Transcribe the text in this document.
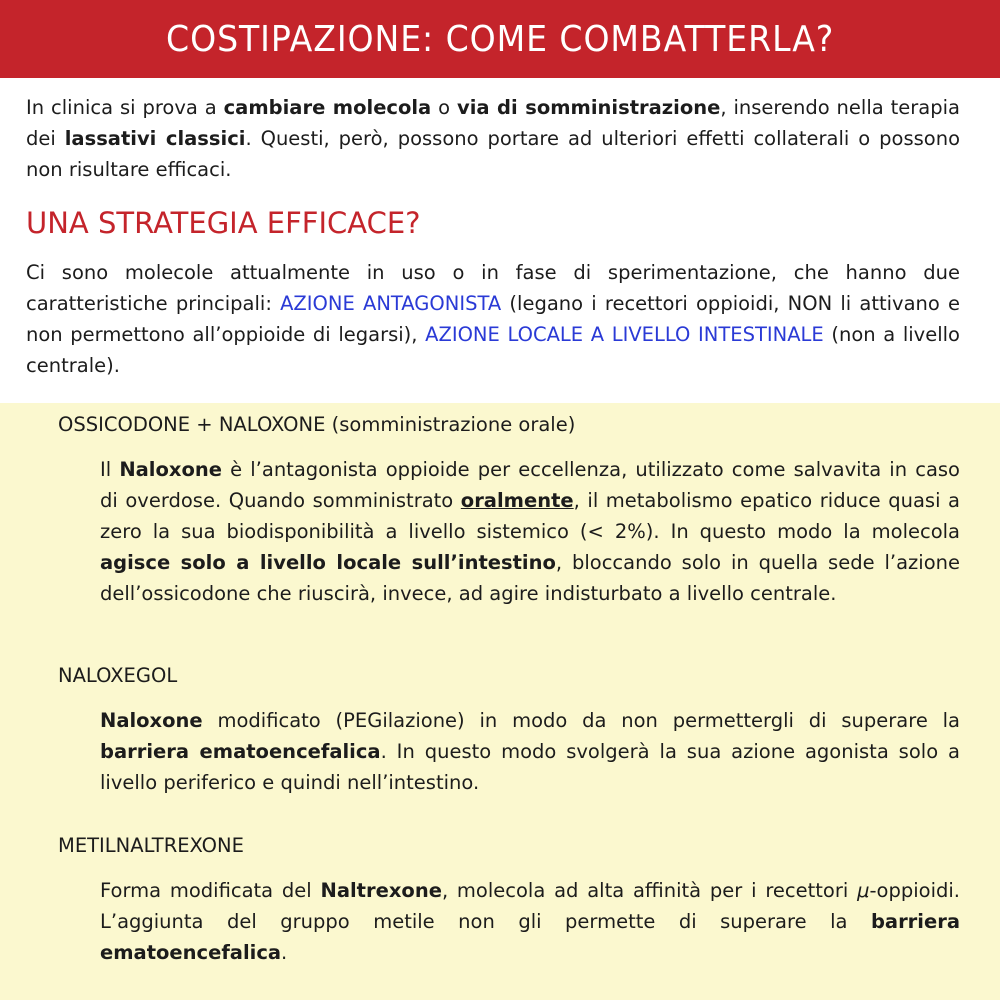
COSTIPAZIONE: COME COMBATTERLA?
In clinica si prova a cambiare molecola o via di somministrazione, inserendo nella terapia dei lassativi classici. Questi, però, possono portare ad ulteriori effetti collaterali o possono non risultare efficaci.
UNA STRATEGIA EFFICACE?
Ci sono molecole attualmente in uso o in fase di sperimentazione, che hanno due caratteristiche principali: AZIONE ANTAGONISTA (legano i recettori oppioidi, NON li attivano e non permettono all’oppioide di legarsi), AZIONE LOCALE A LIVELLO INTESTINALE (non a livello centrale).
OSSICODONE + NALOXONE (somministrazione orale)
Il Naloxone è l’antagonista oppioide per eccellenza, utilizzato come salvavita in caso di overdose. Quando somministrato oralmente, il metabolismo epatico riduce quasi a zero la sua biodisponibilità a livello sistemico (< 2%). In questo modo la molecola agisce solo a livello locale sull’intestino, bloccando solo in quella sede l’azione dell’ossicodone che riuscirà, invece, ad agire indisturbato a livello centrale.
NALOXEGOL
Naloxone modificato (PEGilazione) in modo da non permettergli di superare la barriera ematoencefalica. In questo modo svolgerà la sua azione agonista solo a livello periferico e quindi nell’intestino.
METILNALTREXONE
Forma modificata del Naltrexone, molecola ad alta affinità per i recettori μ-oppioidi. L’aggiunta del gruppo metile non gli permette di superare la barriera ematoencefalica.
